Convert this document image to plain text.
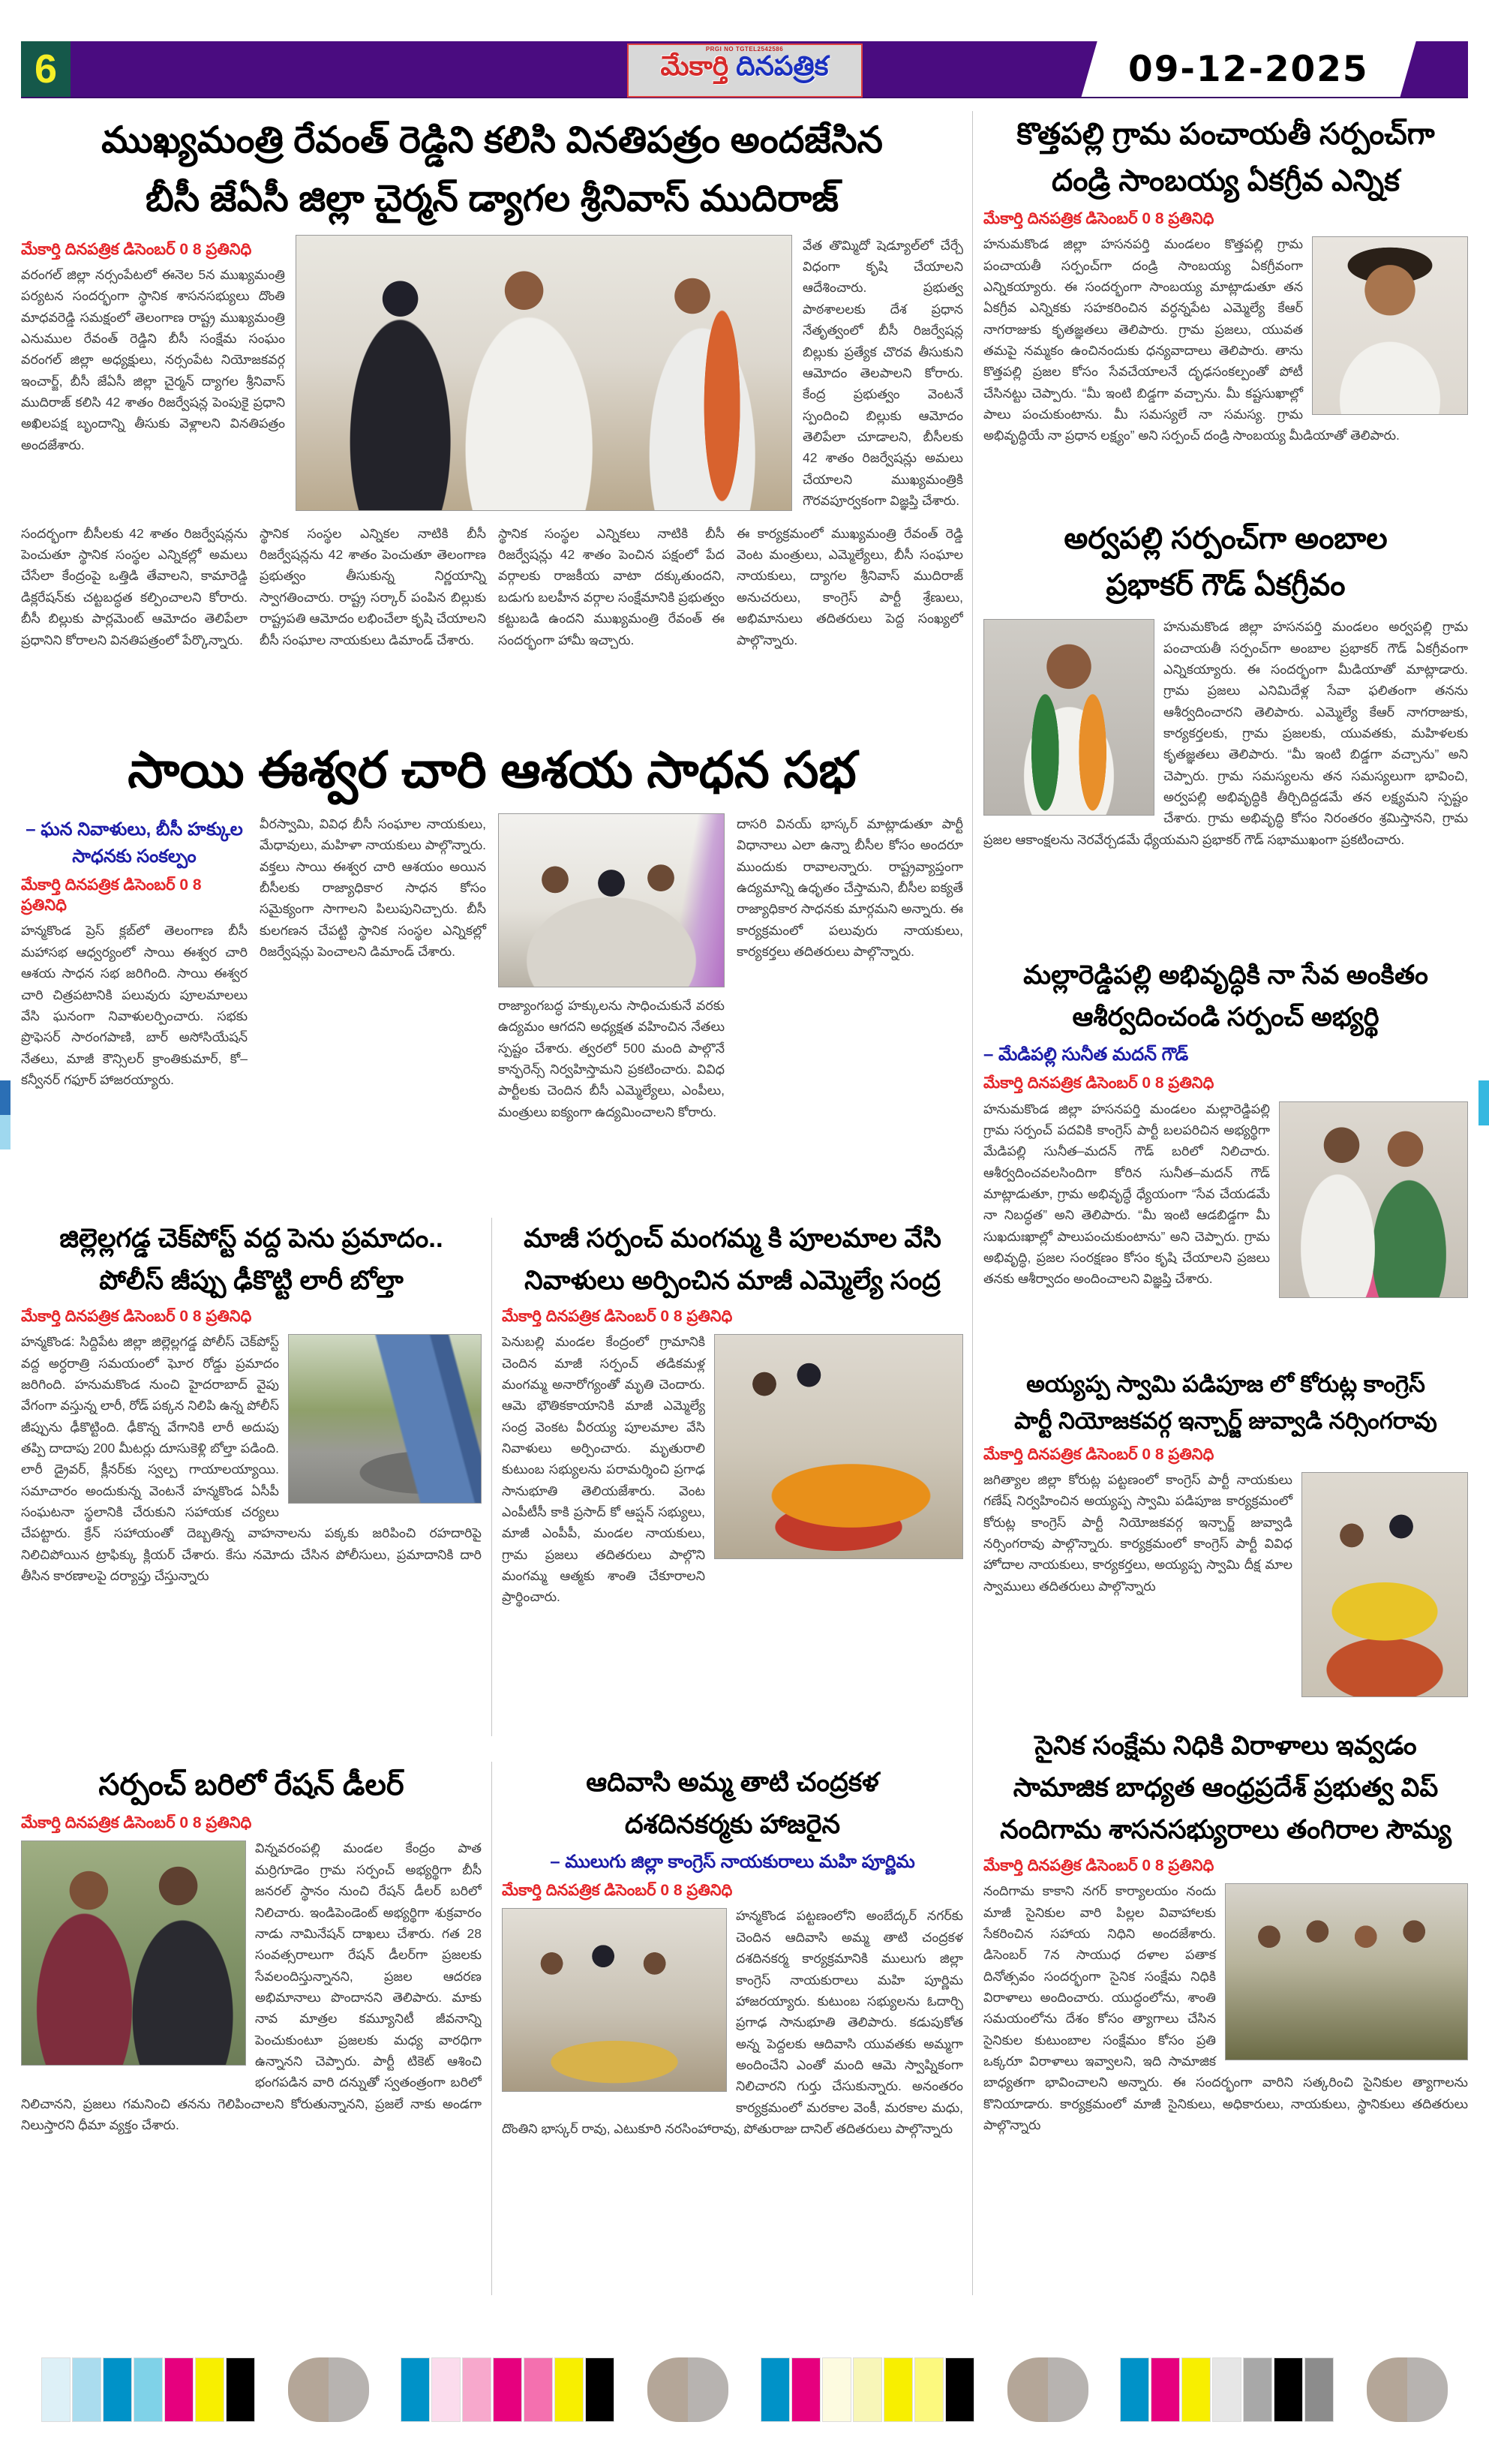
6	PRGI NO TGTEL2542586
మేకార్తి దినపత్రిక	09-12-2025
ముఖ్యమంత్రి రేవంత్ రెడ్డిని కలిసి వినతిపత్రం అందజేసిన
బీసీ జేఏసీ జిల్లా చైర్మన్ డ్యాగల శ్రీనివాస్ ముదిరాజ్
మేకార్తి దినపత్రిక డిసెంబర్ 0 8 ప్రతినిధి
వరంగల్ జిల్లా నర్సంపేటలో ఈనెల 5న ముఖ్యమంత్రి పర్యటన సందర్భంగా స్థానిక శాసనసభ్యులు దొంతి మాధవరెడ్డి సమక్షంలో తెలంగాణ రాష్ట్ర ముఖ్యమంత్రి ఎనుముల రేవంత్ రెడ్డిని బీసీ సంక్షేమ సంఘం వరంగల్ జిల్లా అధ్యక్షులు, నర్సంపేట నియోజకవర్గ ఇంచార్జ్, బీసీ జేఏసీ జిల్లా చైర్మన్ ద్యాగల శ్రీనివాస్ ముదిరాజ్ కలిసి 42 శాతం రిజర్వేషన్ల పెంపుకై ప్రధాని అఖిలపక్ష బృందాన్ని తీసుకు వెళ్లాలని వినతిపత్రం అందజేశారు.
వేత తొమ్మిదో షెడ్యూల్‌లో చేర్చే విధంగా కృషి చేయాలని ఆదేశించారు. ప్రభుత్వ పాఠశాలలకు దేశ ప్రధాన నేతృత్వంలో బీసీ రిజర్వేషన్ల బిల్లుకు ప్రత్యేక చొరవ తీసుకుని ఆమోదం తెలపాలని కోరారు. కేంద్ర ప్రభుత్వం వెంటనే స్పందించి బిల్లుకు ఆమోదం తెలిపేలా చూడాలని, బీసీలకు 42 శాతం రిజర్వేషన్లు అమలు చేయాలని ముఖ్యమంత్రికి గౌరవపూర్వకంగా విజ్ఞప్తి చేశారు.
సందర్భంగా బీసీలకు 42 శాతం రిజర్వేషన్లను పెంచుతూ స్థానిక సంస్థల ఎన్నికల్లో అమలు చేసేలా కేంద్రంపై ఒత్తిడి తేవాలని, కామారెడ్డి డిక్లరేషన్‌కు చట్టబద్ధత కల్పించాలని కోరారు. బీసీ బిల్లుకు పార్లమెంట్ ఆమోదం తెలిపేలా ప్రధానిని కోరాలని వినతిపత్రంలో పేర్కొన్నారు.
స్థానిక సంస్థల ఎన్నికల నాటికి బీసీ రిజర్వేషన్లను 42 శాతం పెంచుతూ తెలంగాణ ప్రభుత్వం తీసుకున్న నిర్ణయాన్ని స్వాగతించారు. రాష్ట్ర సర్కార్ పంపిన బిల్లుకు రాష్ట్రపతి ఆమోదం లభించేలా కృషి చేయాలని బీసీ సంఘాల నాయకులు డిమాండ్ చేశారు.
స్థానిక సంస్థల ఎన్నికలు నాటికి బీసీ రిజర్వేషన్లు 42 శాతం పెంచిన పక్షంలో పేద వర్గాలకు రాజకీయ వాటా దక్కుతుందని, బడుగు బలహీన వర్గాల సంక్షేమానికి ప్రభుత్వం కట్టుబడి ఉందని ముఖ్యమంత్రి రేవంత్ ఈ సందర్భంగా హామీ ఇచ్చారు.
ఈ కార్యక్రమంలో ముఖ్యమంత్రి రేవంత్ రెడ్డి వెంట మంత్రులు, ఎమ్మెల్యేలు, బీసీ సంఘాల నాయకులు, ద్యాగల శ్రీనివాస్ ముదిరాజ్ అనుచరులు, కాంగ్రెస్ పార్టీ శ్రేణులు, అభిమానులు తదితరులు పెద్ద సంఖ్యలో పాల్గొన్నారు.
సాయి ఈశ్వర చారి ఆశయ సాధన సభ
– ఘన నివాళులు, బీసీ హక్కుల సాధనకు సంకల్పం
మేకార్తి దినపత్రిక డిసెంబర్ 0 8 ప్రతినిధి
హన్మకొండ ప్రెస్ క్లబ్‌లో తెలంగాణ బీసీ మహాసభ ఆధ్వర్యంలో సాయి ఈశ్వర చారి ఆశయ సాధన సభ జరిగింది. సాయి ఈశ్వర చారి చిత్రపటానికి పలువురు పూలమాలలు వేసి ఘనంగా నివాళులర్పించారు. సభకు ప్రొఫెసర్ సారంగపాణి, బార్ అసోసియేషన్ నేతలు, మాజీ కౌన్సిలర్ క్రాంతికుమార్, కో–కన్వీనర్ గఫూర్ హాజరయ్యారు.
వీరస్వామి, వివిధ బీసీ సంఘాల నాయకులు, మేధావులు, మహిళా నాయకులు పాల్గొన్నారు. వక్తలు సాయి ఈశ్వర చారి ఆశయం అయిన బీసీలకు రాజ్యాధికార సాధన కోసం సమైక్యంగా సాగాలని పిలుపునిచ్చారు. బీసీ కులగణన చేపట్టి స్థానిక సంస్థల ఎన్నికల్లో రిజర్వేషన్లు పెంచాలని డిమాండ్ చేశారు.
రాజ్యాంగబద్ధ హక్కులను సాధించుకునే వరకు ఉద్యమం ఆగదని అధ్యక్షత వహించిన నేతలు స్పష్టం చేశారు. త్వరలో 500 మంది పాల్గొనే కాన్ఫరెన్స్ నిర్వహిస్తామని ప్రకటించారు. వివిధ పార్టీలకు చెందిన బీసీ ఎమ్మెల్యేలు, ఎంపీలు, మంత్రులు ఐక్యంగా ఉద్యమించాలని కోరారు.
దాసరి వినయ్ భాస్కర్ మాట్లాడుతూ పార్టీ విధానాలు ఎలా ఉన్నా బీసీల కోసం అందరూ ముందుకు రావాలన్నారు. రాష్ట్రవ్యాప్తంగా ఉద్యమాన్ని ఉధృతం చేస్తామని, బీసీల ఐక్యతే రాజ్యాధికార సాధనకు మార్గమని అన్నారు. ఈ కార్యక్రమంలో పలువురు నాయకులు, కార్యకర్తలు తదితరులు పాల్గొన్నారు.
జిల్లెల్లగడ్డ చెక్‌పోస్ట్ వద్ద పెను ప్రమాదం..
పోలీస్ జీప్పు ఢీకొట్టి లారీ బోల్తా
మేకార్తి దినపత్రిక డిసెంబర్ 0 8 ప్రతినిధి
హన్మకొండ: సిద్దిపేట జిల్లా జిల్లెల్లగడ్డ పోలీస్ చెక్‌పోస్ట్ వద్ద అర్ధరాత్రి సమయంలో ఘోర రోడ్డు ప్రమాదం జరిగింది. హనుమకొండ నుంచి హైదరాబాద్ వైపు వేగంగా వస్తున్న లారీ, రోడ్ పక్కన నిలిపి ఉన్న పోలీస్ జీప్పును ఢీకొట్టింది. ఢీకొన్న వేగానికి లారీ అదుపు తప్పి దాదాపు 200 మీటర్లు దూసుకెళ్లి బోల్తా పడింది. లారీ డ్రైవర్, క్లీనర్‌కు స్వల్ప గాయాలయ్యాయి. సమాచారం అందుకున్న వెంటనే హన్మకొండ ఏసీపీ సంఘటనా స్థలానికి చేరుకుని సహాయక చర్యలు చేపట్టారు. క్రేన్ సహాయంతో దెబ్బతిన్న వాహనాలను పక్కకు జరిపించి రహదారిపై నిలిచిపోయిన ట్రాఫిక్కు క్లియర్ చేశారు. కేసు నమోదు చేసిన పోలీసులు, ప్రమాదానికి దారి తీసిన కారణాలపై దర్యాప్తు చేస్తున్నారు
మాజీ సర్పంచ్ మంగమ్మ కి పూలమాల వేసి
నివాళులు అర్పించిన మాజీ ఎమ్మెల్యే సంద్ర
మేకార్తి దినపత్రిక డిసెంబర్ 0 8 ప్రతినిధి
పెనుబల్లి మండల కేంద్రంలో గ్రామానికి చెందిన మాజీ సర్పంచ్ తడికమళ్ల మంగమ్మ అనారోగ్యంతో మృతి చెందారు. ఆమె భౌతికకాయానికి మాజీ ఎమ్మెల్యే సంద్ర వెంకట వీరయ్య పూలమాల వేసి నివాళులు అర్పించారు. మృతురాలి కుటుంబ సభ్యులను పరామర్శించి ప్రగాఢ సానుభూతి తెలియజేశారు. వెంట ఎంపీటీసీ కాకి ప్రసాద్ కో ఆప్షన్ సభ్యులు, మాజీ ఎంపీపీ, మండల నాయకులు, గ్రామ ప్రజలు తదితరులు పాల్గొని మంగమ్మ ఆత్మకు శాంతి చేకూరాలని ప్రార్థించారు.
సర్పంచ్ బరిలో రేషన్ డీలర్
మేకార్తి దినపత్రిక డిసెంబర్ 0 8 ప్రతినిధి
విన్నవరంపల్లి మండల కేంద్రం పాత మర్రిగూడెం గ్రామ సర్పంచ్ అభ్యర్థిగా బీసీ జనరల్ స్థానం నుంచి రేషన్ డీలర్ బరిలో నిలిచారు. ఇండిపెండెంట్ అభ్యర్థిగా శుక్రవారం నాడు నామినేషన్ దాఖలు చేశారు. గత 28 సంవత్సరాలుగా రేషన్ డీలర్‌గా ప్రజలకు సేవలందిస్తున్నానని, ప్రజల ఆదరణ అభిమానాలు పొందానని తెలిపారు. మాకు నావ మాత్రల కమ్యూనిటీ జీవనాన్ని పెంచుకుంటూ ప్రజలకు మధ్య వారధిగా ఉన్నానని చెప్పారు. పార్టీ టికెట్ ఆశించి భంగపడిన వారి దన్నుతో స్వతంత్రంగా బరిలో నిలిచానని, ప్రజలు గమనించి తనను గెలిపించాలని కోరుతున్నానని, ప్రజలే నాకు అండగా నిలుస్తారని ధీమా వ్యక్తం చేశారు.
ఆదివాసి అమ్మ తాటి చంద్రకళ
దశదినకర్మకు హాజరైన
– ములుగు జిల్లా కాంగ్రెస్ నాయకురాలు మహి పూర్ణిమ
మేకార్తి దినపత్రిక డిసెంబర్ 0 8 ప్రతినిధి
హన్మకొండ పట్టణంలోని అంబేద్కర్ నగర్‌కు చెందిన ఆదివాసి అమ్మ తాటి చంద్రకళ దశదినకర్మ కార్యక్రమానికి ములుగు జిల్లా కాంగ్రెస్ నాయకురాలు మహి పూర్ణిమ హాజరయ్యారు. కుటుంబ సభ్యులను ఓదార్చి ప్రగాఢ సానుభూతి తెలిపారు. కడుపుకోత అన్న పెద్దలకు ఆదివాసి యువతకు అమ్మగా అందించేని ఎంతో మంది ఆమె స్వాప్నికంగా నిలిచారని గుర్తు చేసుకున్నారు. అనంతరం కార్యక్రమంలో మరకాల వెంకీ, మరకాల మధు, దొంతిని భాస్కర్ రావు, ఎటుకూరి నరసింహారావు, పోతురాజు దానిల్ తదితరులు పాల్గొన్నారు
కొత్తపల్లి గ్రామ పంచాయతీ సర్పంచ్‌గా
దండ్రి సాంబయ్య ఏకగ్రీవ ఎన్నిక
మేకార్తి దినపత్రిక డిసెంబర్ 0 8 ప్రతినిధి
హనుమకొండ జిల్లా హసనపర్తి మండలం కొత్తపల్లి గ్రామ పంచాయతీ సర్పంచ్‌గా దండ్రి సాంబయ్య ఏకగ్రీవంగా ఎన్నికయ్యారు. ఈ సందర్భంగా సాంబయ్య మాట్లాడుతూ తన ఏకగ్రీవ ఎన్నికకు సహకరించిన వర్ధన్నపేట ఎమ్మెల్యే కేఆర్ నాగరాజుకు కృతజ్ఞతలు తెలిపారు. గ్రామ ప్రజలు, యువత తమపై నమ్మకం ఉంచినందుకు ధన్యవాదాలు తెలిపారు. తాను కొత్తపల్లి ప్రజల కోసం సేవచేయాలనే దృఢసంకల్పంతో పోటీ చేసినట్టు చెప్పారు. “మీ ఇంటి బిడ్డగా వచ్చాను. మీ కష్టసుఖాల్లో పాలు పంచుకుంటాను. మీ సమస్యలే నా సమస్య. గ్రామ అభివృద్ధియే నా ప్రధాన లక్ష్యం” అని సర్పంచ్ దండ్రి సాంబయ్య మీడియాతో తెలిపారు.
అర్వపల్లి సర్పంచ్‌గా అంబాల
ప్రభాకర్ గౌడ్ ఏకగ్రీవం
హనుమకొండ జిల్లా హసనపర్తి మండలం అర్వపల్లి గ్రామ పంచాయతీ సర్పంచ్‌గా అంబాల ప్రభాకర్ గౌడ్ ఏకగ్రీవంగా ఎన్నికయ్యారు. ఈ సందర్భంగా మీడియాతో మాట్లాడారు. గ్రామ ప్రజలు ఎనిమిదేళ్ల సేవా ఫలితంగా తనను ఆశీర్వదించారని తెలిపారు. ఎమ్మెల్యే కేఆర్ నాగరాజుకు, కార్యకర్తలకు, గ్రామ ప్రజలకు, యువతకు, మహిళలకు కృతజ్ఞతలు తెలిపారు. “మీ ఇంటి బిడ్డగా వచ్చాను” అని చెప్పారు. గ్రామ సమస్యలను తన సమస్యలుగా భావించి, అర్వపల్లి అభివృద్ధికి తీర్చిదిద్దడమే తన లక్ష్యమని స్పష్టం చేశారు. గ్రామ అభివృద్ధి కోసం నిరంతరం శ్రమిస్తానని, గ్రామ ప్రజల ఆకాంక్షలను నెరవేర్చడమే ధ్యేయమని ప్రభాకర్ గౌడ్ సభాముఖంగా ప్రకటించారు.
మల్లారెడ్డిపల్లి అభివృద్ధికి నా సేవ అంకితం
ఆశీర్వదించండి సర్పంచ్ అభ్యర్థి
– మేడిపల్లి సునీత మదన్ గౌడ్
మేకార్తి దినపత్రిక డిసెంబర్ 0 8 ప్రతినిధి
హనుమకొండ జిల్లా హసనపర్తి మండలం మల్లారెడ్డిపల్లి గ్రామ సర్పంచ్ పదవికి కాంగ్రెస్ పార్టీ బలపరిచిన అభ్యర్థిగా మేడిపల్లి సునీత–మదన్ గౌడ్ బరిలో నిలిచారు. ఆశీర్వదించవలసిందిగా కోరిన సునీత–మదన్ గౌడ్ మాట్లాడుతూ, గ్రామ అభివృద్ధే ధ్యేయంగా “సేవ చేయడమే నా నిబద్ధత” అని తెలిపారు. “మీ ఇంటి ఆడబిడ్డగా మీ సుఖదుఃఖాల్లో పాలుపంచుకుంటాను” అని చెప్పారు. గ్రామ అభివృద్ధి, ప్రజల సంరక్షణం కోసం కృషి చేయాలని ప్రజలు తనకు ఆశీర్వాదం అందించాలని విజ్ఞప్తి చేశారు.
అయ్యప్ప స్వామి పడిపూజ లో కోరుట్ల కాంగ్రెస్
పార్టీ నియోజకవర్గ ఇన్చార్జ్ జువ్వాడి నర్సింగరావు
మేకార్తి దినపత్రిక డిసెంబర్ 0 8 ప్రతినిధి
జగిత్యాల జిల్లా కోరుట్ల పట్టణంలో కాంగ్రెస్ పార్టీ నాయకులు గణేష్ నిర్వహించిన అయ్యప్ప స్వామి పడిపూజ కార్యక్రమంలో కోరుట్ల కాంగ్రెస్ పార్టీ నియోజకవర్గ ఇన్చార్జ్ జువ్వాడి నర్సింగరావు పాల్గొన్నారు. కార్యక్రమంలో కాంగ్రెస్ పార్టీ వివిధ హోదాల నాయకులు, కార్యకర్తలు, అయ్యప్ప స్వామి దీక్ష మాల స్వాములు తదితరులు పాల్గొన్నారు
సైనిక సంక్షేమ నిధికి విరాళాలు ఇవ్వడం
సామాజిక బాధ్యత ఆంధ్రప్రదేశ్ ప్రభుత్వ విప్
నందిగామ శాసనసభ్యురాలు తంగిరాల సౌమ్య
మేకార్తి దినపత్రిక డిసెంబర్ 0 8 ప్రతినిధి
నందిగామ కాకాని నగర్ కార్యాలయం నందు మాజీ సైనికుల వారి పిల్లల వివాహాలకు సేకరించిన సహాయ నిధిని అందజేశారు. డిసెంబర్ 7న సాయుధ దళాల పతాక దినోత్సవం సందర్భంగా సైనిక సంక్షేమ నిధికి విరాళాలు అందించారు. యుద్ధంలోను, శాంతి సమయంలోను దేశం కోసం త్యాగాలు చేసిన సైనికుల కుటుంబాల సంక్షేమం కోసం ప్రతి ఒక్కరూ విరాళాలు ఇవ్వాలని, ఇది సామాజిక బాధ్యతగా భావించాలని అన్నారు. ఈ సందర్భంగా వారిని సత్కరించి సైనికుల త్యాగాలను కొనియాడారు. కార్యక్రమంలో మాజీ సైనికులు, అధికారులు, నాయకులు, స్థానికులు తదితరులు పాల్గొన్నారు
